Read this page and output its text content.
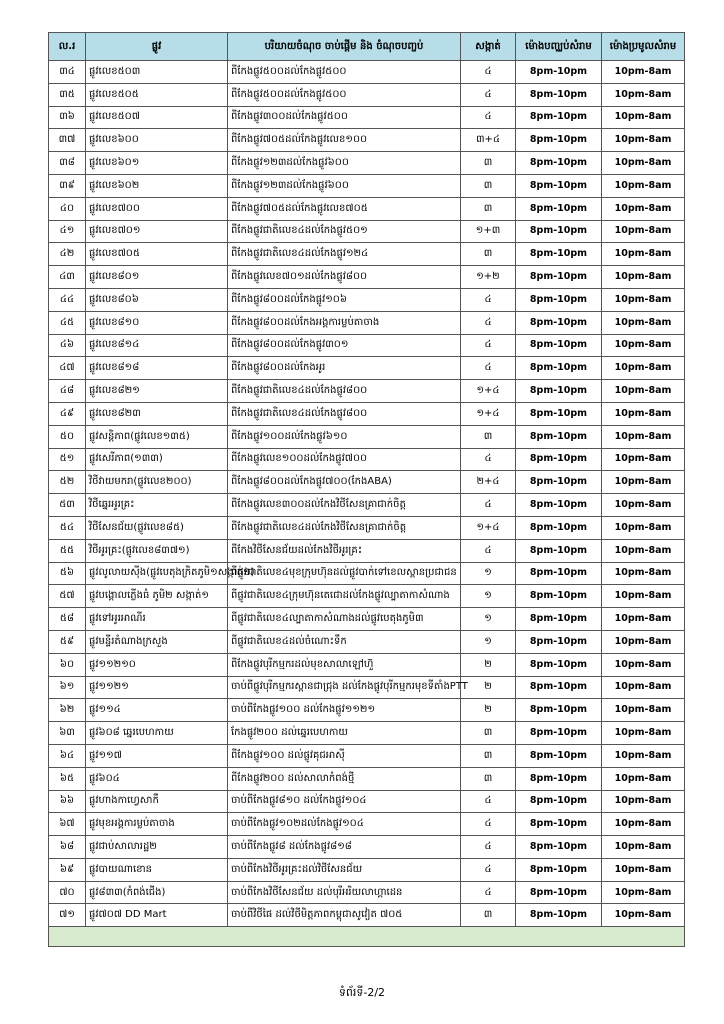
ល.រ	ផ្លូវ	បរិយាយចំណុច ចាប់ផ្តើម និង ចំណុចបញ្ចប់	សង្កាត់	ម៉ោងបញ្ឈប់សំរាម	ម៉ោងប្រមូលសំរាម
៣៤	ផ្លូវលេខ៥០៣	ពីកែងផ្លូវ៥០០ដល់កែងផ្លូវ៥០០	៤	8pm-10pm	10pm-8am
៣៥	ផ្លូវលេខ៥០៥	ពីកែងផ្លូវ៥០០ដល់កែងផ្លូវ៥០០	៤	8pm-10pm	10pm-8am
៣៦	ផ្លូវលេខ៥០៧	ពីកែងផ្លូវ៣០០ដល់កែងផ្លូវ៥០០	៤	8pm-10pm	10pm-8am
៣៧	ផ្លូវលេខ៦០០	ពីកែងផ្លូវ៧០៥ដល់កែងផ្លូវលេខ១០០	៣+៤	8pm-10pm	10pm-8am
៣៨	ផ្លូវលេខ៦០១	ពីកែងផ្លូវ១២៣ដល់កែងផ្លូវ៦០០	៣	8pm-10pm	10pm-8am
៣៩	ផ្លូវលេខ៦០២	ពីកែងផ្លូវ១២៣ដល់កែងផ្លូវ៦០០	៣	8pm-10pm	10pm-8am
៤០	ផ្លូវលេខ៧០០	ពីកែងផ្លូវ៧០៥ដល់កែងផ្លូវលេខ៧០៥	៣	8pm-10pm	10pm-8am
៤១	ផ្លូវលេខ៧០១	ពីកែងផ្លូវជាតិលេខ៤ដល់កែងផ្លូវ៥០១	១+៣	8pm-10pm	10pm-8am
៤២	ផ្លូវលេខ៧០៥	ពីកែងផ្លូវជាតិលេខ៤ដល់កែងផ្លូវ១២៤	៣	8pm-10pm	10pm-8am
៤៣	ផ្លូវលេខ៨០១	ពីកែងផ្លូវលេខ៧០១ដល់កែងផ្លូវ៨០០	១+២	8pm-10pm	10pm-8am
៤៤	ផ្លូវលេខ៨០៦	ពីកែងផ្លូវ៨០០ដល់កែងផ្លូវ១០៦	៤	8pm-10pm	10pm-8am
៤៥	ផ្លូវលេខ៨១០	ពីកែងផ្លូវ៨០០ដល់កែងអង្គការម្លប់តាចាង	៤	8pm-10pm	10pm-8am
៤៦	ផ្លូវលេខ៨១៤	ពីកែងផ្លូវ៨០០ដល់កែងផ្លូវ៣០១	៤	8pm-10pm	10pm-8am
៤៧	ផ្លូវលេខ៨១៨	ពីកែងផ្លូវ៨០០ដល់កែងអូរ	៤	8pm-10pm	10pm-8am
៤៨	ផ្លូវលេខ៨២១	ពីកែងផ្លូវជាតិលេខ៤ដល់កែងផ្លូវ៨០០	១+៤	8pm-10pm	10pm-8am
៤៩	ផ្លូវលេខ៨២៣	ពីកែងផ្លូវជាតិលេខ៤ដល់កែងផ្លូវ៨០០	១+៤	8pm-10pm	10pm-8am
៥០	ផ្លូវសន្តិភាព(ផ្លូវលេខ១៣៥)	ពីកែងផ្លូវ១០០ដល់កែងផ្លូវ៦១០	៣	8pm-10pm	10pm-8am
៥១	ផ្លូវសេរីភាព(១៣៣)	ពីកែងផ្លូវលេខ១០០ដល់កែងផ្លូវ៧០០	៤	8pm-10pm	10pm-8am
៥២	វិថីវាយមករា(ផ្លូវលេខ២០០)	ពីកែងផ្លូវ៨០០ដល់កែងផ្លូវ៧០០(កែងABA)	២+៤	8pm-10pm	10pm-8am
៥៣	វិថីឆ្នេរអូរគ្រះ	ពីកែងផ្លូវលេខ៣០០ដល់កែងវិថីសែនគ្រាជាក់ចិត្ត	៤	8pm-10pm	10pm-8am
៥៤	វិថីសែនជ័យ(ផ្លូវលេខ៨៥)	ពីកែងផ្លូវជាតិលេខ៤ដល់កែងវិថីសែនគ្រាជាក់ចិត្ត	១+៤	8pm-10pm	10pm-8am
៥៥	វិថីអូរគ្រះ(ផ្លូវលេខ៨៣៧១)	ពីកែងវិថីសែនជ័យដល់កែងវិថីអូរគ្រះ	៤	8pm-10pm	10pm-8am
៥៦	ផ្លូវលូលាយស៊ីង(ផ្លូវបេតុងក្រិតភូមិ១សង្កាត់១)	ពីផ្លូវជាតិលេខ៤មុខក្រុមហ៊ុនដល់ផ្លូវបាក់ទៅខេលស្ពានប្រជាជន	១	8pm-10pm	10pm-8am
៥៧	ផ្លូវបង្គោលភ្លើងធំ ភូមិ២ សង្កាត់១	ពីផ្លូវជាតិលេខ៤ក្រុមហ៊ុនតេជោដល់កែងផ្លូវល្បាតាកាសំណាង	១	8pm-10pm	10pm-8am
៥៨	ផ្លូវទៅអូរអាណីរ	ពីផ្លូវជាតិលេខ៤ល្បាតាកាសំណាងដល់ផ្លូវបេតុងភូមិ៣	១	8pm-10pm	10pm-8am
៥៩	ផ្លូវមន្ទីរតំណាងក្រសួង	ពីផ្លូវជាតិលេខ៤ដល់ចំណោះទឹក	១	8pm-10pm	10pm-8am
៦០	ផ្លូវ១១២១០	ពីកែងផ្លូវបុរីកម្មករដល់មុខសាលាឡៅហ៊ួ	២	8pm-10pm	10pm-8am
៦១	ផ្លូវ១១២១	ចាប់ពីផ្លូវបុរីកម្មករស្ពានជាជ្រុង ដល់កែងផ្លូវបុរីកម្មករមុខទីតាំងPTT	២	8pm-10pm	10pm-8am
៦២	ផ្លូវ១១៤	ចាប់ពីកែងផ្លូវ១០០ ដល់កែងផ្លូវ១១២១	២	8pm-10pm	10pm-8am
៦៣	ផ្លូវ៦០៨ ឆ្នេរបេហកាយ	កែងផ្លូវ២០០ ដល់ឆ្នេរបេហកាយ	៣	8pm-10pm	10pm-8am
៦៤	ផ្លូវ១១៧	ពីកែងផ្លូវ១០០ ដល់ផ្លូវគុជអាស៊ី	៣	8pm-10pm	10pm-8am
៦៥	ផ្លូវ៦០៤	ពីកែងផ្លូវ២០០ ដល់សាលាកំពង់ថ្មី	៣	8pm-10pm	10pm-8am
៦៦	ផ្លូវហាងកាហ្វេសាកឺ	ចាប់ពីកែងផ្លូវ៨១០ ដល់កែងផ្លូវ១០៤	៤	8pm-10pm	10pm-8am
៦៧	ផ្លូវមុខអង្គការម្លប់តាចាង	ចាប់ពីកែងផ្លូវ១០២ដល់កែងផ្លូវ១០៤	៤	8pm-10pm	10pm-8am
៦៨	ផ្លូវជាប់សាលារដ្ឋ២	ចាប់ពីកែងផ្លូវ៨ ដល់កែងផ្លូវ៨១៨	៤	8pm-10pm	10pm-8am
៦៩	ផ្លូវបាយណាខោន	ចាប់ពីកែងវិថីអូរគ្រះដល់វិថីសែនជ័យ	៤	8pm-10pm	10pm-8am
៧០	ផ្លូវ៨៣៣(កំពង់ជើង)	ចាប់ពីកែងវិថីសែនជ័យ ដល់បុរីអរិយលាហ្គាដេន	៤	8pm-10pm	10pm-8am
៧១	ផ្លូវ៧០៧ DD Mart	ចាប់ពីវិថីផៃ ដល់វិថីមិត្តភាពកម្ពុជាសូវៀត ៧០៥	៣	8pm-10pm	10pm-8am

ទំព័រទី-2/2
